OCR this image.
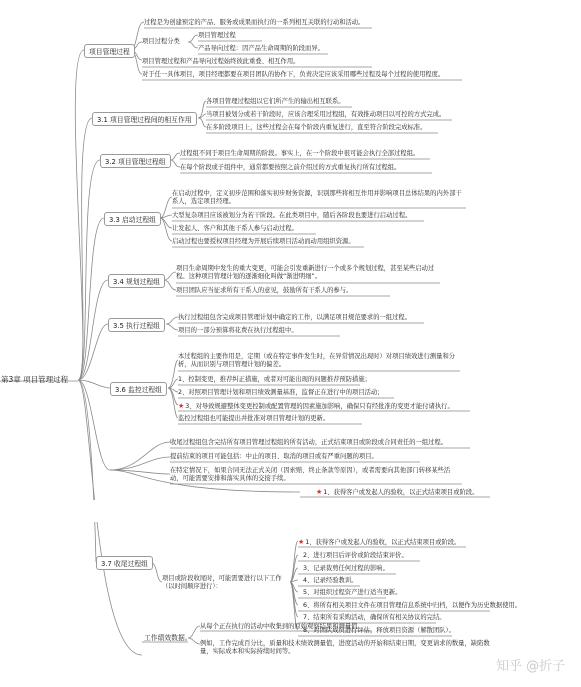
第3章 项目管理过程
项目管理过程
过程是为创建预定的产品、服务或成果而执行的一系列相互关联的行动和活动。
项目过程分类
项目管理过程
产品导向过程：因产品生命周期的阶段而异。
项目管理过程和产品导向过程始终彼此重叠、相互作用。
对于任一具体项目，项目经理都要在项目团队的协作下，负责决定应该采用哪些过程及每个过程的使用程度。
3.1 项目管理过程间的相互作用
各项目管理过程组以它们所产生的输出相互联系。
当项目被划分或若干阶段时，应该合理采用过程组，有效推动项目以可控的方式完成。
在多阶段项目上，这些过程会在每个阶段内重复进行，直至符合阶段完成标准。
3.2 项目管理过程组
过程组不同于项目生命周期的阶段。事实上，在一个阶段中很可能会执行全部过程组。
在每个阶段或子组件中，通常都要按照之前介绍过的方式重复执行所有过程组。
3.3 启动过程组
在启动过程中，定义初步范围和落实初步财务资源，识别那些将相互作用并影响项目总体结果的内外部干系人，选定项目经理。
大型复杂项目应该被划分为若干阶段。在此类项目中，随后各阶段也要进行启动过程。
让发起人、客户和其他干系人参与启动过程。
启动过程也要授权项目经理为开展后续项目活动而动用组织资源。
3.4 规划过程组
项目生命周期中发生的重大变更，可能会引发重新进行一个或多个规划过程，甚至某些启动过程。这种项目管理计划的逐渐细化叫做“渐进明细”。
项目团队应当征求所有干系人的意见，鼓励所有干系人的参与。
3.5 执行过程组
执行过程组包含完成项目管理计划中确定的工作，以满足项目规范要求的一组过程。
项目的一部分预算将花费在执行过程组中。
3.6 监控过程组
本过程组的主要作用是，定期（或在特定事件发生时，在异常情况出现时）对项目绩效进行测量和分析，从而识别与项目管理计划的偏差。
1、控制变更，推荐纠正措施，或者对可能出现的问题推荐预防措施；
2、对照项目管理计划和项目绩效测量基准，监督正在进行中的项目活动；
★3、对导致规避整体变更控制或配置管理的因素施加影响，确保只有经批准的变更才能付诸执行。
监控过程组也可能提出并批准对项目管理计划的更新。
收尾过程组包含完结所有项目管理过程组的所有活动，正式结束项目或阶段或合同责任的一组过程。
提前结束的项目可能包括：中止的项目、取消的项目或有严重问题的项目。
在特定情况下，如果合同无法正式关闭（因索赔、终止条款等原因），或者需要向其他部门转移某些活动，可能需要安排和落实具体的交接手续。
★1、获得客户或发起人的验收，以正式结束项目或阶段。
3.7 收尾过程组
项目或阶段收尾时，可能需要进行以下工作（以时间顺序进行）：
★1、获得客户或发起人的验收，以正式结束项目或阶段。
2、进行项目后评价或阶段结束评价。
3、记录裁剪任何过程的影响。
4、记录经验教训。
5、对组织过程资产进行适当更新。
6、将所有相关项目文件在项目管理信息系统中归档，以便作为历史数据使用。
7、结束所有采购活动，确保所有相关协议的完结。
8、对团队成员进行评估，释放项目资源（解散团队）。
工作绩效数据。
从每个正在执行的活动中收集到的原始观察结果和测量值。
例如，工作完成百分比，质量和技术绩效测量值，进度活动的开始和结束日期，变更请求的数量，缺陷数量，实际成本和实际持续时间等。
知乎 @折子
